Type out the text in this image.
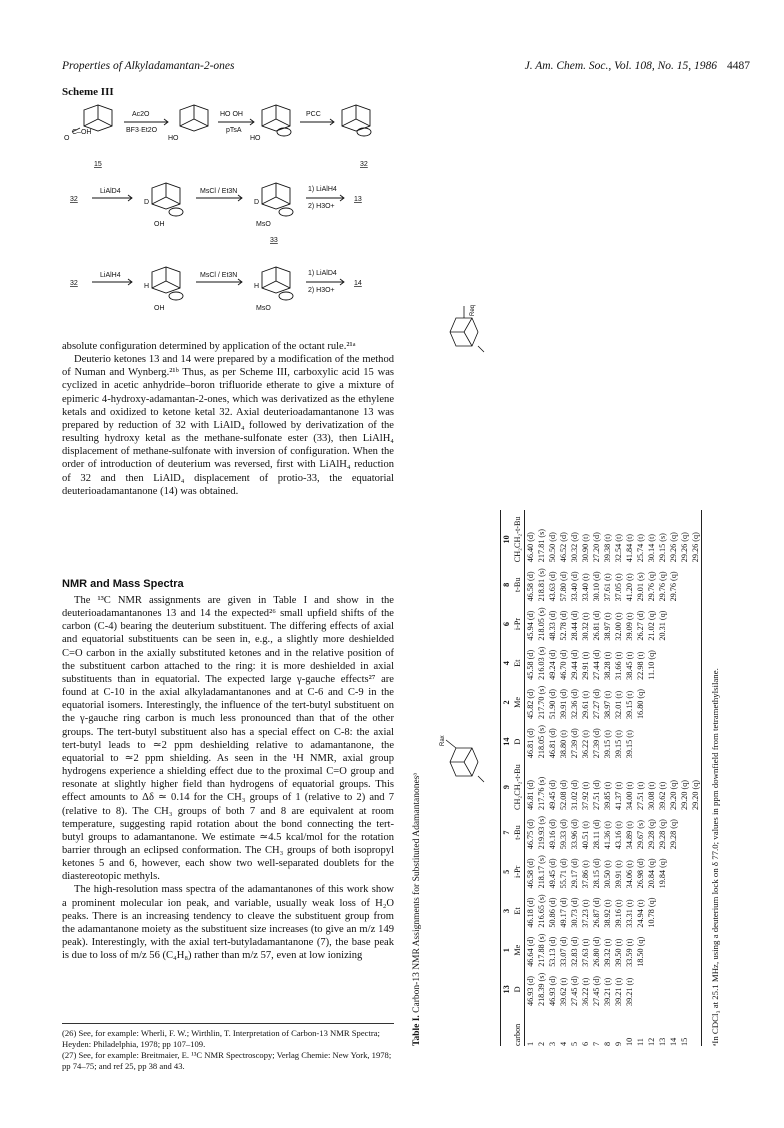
Properties of Alkyladamantan-2-ones	J. Am. Chem. Soc., Vol. 108, No. 15, 1986 4487
Scheme III
O
C–OH
Ac2O
BF3·Et2O
HO
HO OH
pTsA
HO
PCC
15	32
32
LiAlD4
D
OH
MsCl / Et3N
D
MsO
1) LiAlH4
2) H3O+
13
33
32
LiAlH4
H
OH
MsCl / Et3N
H
MsO
1) LiAlD4
2) H3O+
14

absolute configuration determined by application of the octant rule.²¹ᵃ

Deuterio ketones 13 and 14 were prepared by a modification of the method of Numan and Wynberg.²¹ᵇ Thus, as per Scheme III, carboxylic acid 15 was cyclized in acetic anhydride–boron trifluoride etherate to give a mixture of epimeric 4-hydroxy-adamantan-2-ones, which was derivatized as the ethylene ketals and oxidized to ketone ketal 32. Axial deuterioadamantanone 13 was prepared by reduction of 32 with LiAlD₄ followed by derivatization of the resulting hydroxy ketal as the methane-sulfonate ester (33), then LiAlH₄ displacement of methane-sulfonate with inversion of configuration. When the order of introduction of deuterium was reversed, first with LiAlH₄ reduction of 32 and then LiAlD₄ displacement of protio-33, the equatorial deuterioadamantanone (14) was obtained.

NMR and Mass Spectra

The ¹³C NMR assignments are given in Table I and show in the deuterioadamantanones 13 and 14 the expected²⁶ small upfield shifts of the carbon (C-4) bearing the deuterium substituent. The differing effects of axial and equatorial substituents can be seen in, e.g., a slightly more deshielded C=O carbon in the axially substituted ketones and in the relative position of the substituent carbon attached to the ring: it is more deshielded in axial substituents than in equatorial. The expected large γ-gauche effects²⁷ are found at C-10 in the axial alkyladamantanones and at C-6 and C-9 in the equatorial isomers. Interestingly, the influence of the tert-butyl substituent on the γ-gauche ring carbon is much less pronounced than that of the other groups. The tert-butyl substituent also has a special effect on C-8: the axial tert-butyl leads to ≃2 ppm deshielding relative to adamantanone, the equatorial to ≃2 ppm shielding. As seen in the ¹H NMR, axial group hydrogens experience a shielding effect due to the proximal C=O group and resonate at slightly higher field than hydrogens of equatorial groups. This effect amounts to Δδ ≃ 0.14 for the CH₃ groups of 1 (relative to 2) and 7 (relative to 8). The CH₃ groups of both 7 and 8 are equivalent at room temperature, suggesting rapid rotation about the bond connecting the tert-butyl groups to adamantanone. We estimate ≃4.5 kcal/mol for the rotation barrier through an eclipsed conformation. The CH₃ groups of both isopropyl ketones 5 and 6, however, each show two well-separated doublets for the diastereotopic methyls.

The high-resolution mass spectra of the adamantanones of this work show a prominent molecular ion peak, and variable, usually weak loss of H₂O peaks. There is an increasing tendency to cleave the substituent group from the adamantanone moiety as the substituent size increases (to give an m/z 149 peak). Interestingly, with the axial tert-butyladamantanone (7), the base peak is due to loss of m/z 56 (C₄H₈) rather than m/z 57, even at low ionizing

(26) See, for example: Wherli, F. W.; Wirthlin, T. Interpretation of Carbon-13 NMR Spectra; Heyden: Philadelphia, 1978; pp 107–109.

(27) See, for example: Breitmaier, E. ¹³C NMR Spectroscopy; Verlag Chemie: New York, 1978; pp 74–75; and ref 25, pp 38 and 43.

Table I. Carbon-13 NMR Assignments for Substituted Adamantanonesᵃ
Rax
Req
	13	1	3	5	7	9	14	2	4	6	8	10
carbon	D	Me	Et	i-Pr	t-Bu	CH₂CH₂-t-Bu	D	Me	Et	i-Pr	t-Bu	CH₂CH₂-t-Bu
1	46.93 (d)	46.64 (d)	46.18 (d)	46.58 (d)	46.75 (d)	46.81 (d)	46.81 (d)	45.82 (d)	45.58 (d)	45.94 (d)	46.58 (d)	46.40 (d)
2	218.39 (s)	217.88 (s)	216.65 (s)	218.17 (s)	219.93 (s)	217.76 (s)	218.05 (s)	217.70 (s)	216.03 (s)	218.05 (s)	218.81 (s)	217.81 (s)
3	46.93 (d)	53.13 (d)	50.86 (d)	49.45 (d)	49.16 (d)	49.45 (d)	46.81 (d)	51.90 (d)	49.24 (d)	48.33 (d)	43.63 (d)	50.50 (d)
4	39.62 (t)	33.07 (d)	49.17 (d)	55.71 (d)	59.33 (d)	52.08 (d)	38.80 (t)	39.91 (d)	46.70 (d)	52.78 (d)	57.80 (d)	46.52 (d)
5	27.45 (d)	32.83 (d)	30.73 (d)	29.17 (d)	33.96 (d)	31.02 (d)	27.39 (d)	32.36 (d)	29.44 (d)	28.44 (d)	33.40 (d)	30.32 (d)
6	36.22 (t)	37.63 (t)	37.23 (t)	37.86 (t)	40.51 (t)	37.92 (t)	36.22 (t)	29.61 (t)	29.91 (t)	30.32 (t)	33.40 (t)	30.90 (t)
7	27.45 (d)	26.80 (d)	26.87 (d)	28.15 (d)	28.11 (d)	27.51 (d)	27.39 (d)	27.27 (d)	27.44 (d)	26.81 (d)	30.10 (d)	27.20 (d)
8	39.21 (t)	39.32 (t)	38.92 (t)	30.50 (t)	41.36 (t)	39.85 (t)	39.15 (t)	38.97 (t)	38.28 (t)	38.97 (t)	37.61 (t)	39.38 (t)
9	39.21 (t)	39.50 (t)	39.16 (t)	39.91 (t)	43.16 (t)	41.37 (t)	39.15 (t)	32.01 (t)	31.66 (t)	32.00 (t)	37.05 (t)	32.54 (t)
10	39.21 (t)	33.59 (t)	33.31 (t)	34.06 (t)	34.89 (t)	34.00 (t)	39.15 (t)	39.15 (t)	38.45 (t)	39.09 (t)	41.20 (t)	41.84 (t)
11		18.50 (q)	24.94 (t)	26.98 (d)	29.67 (s)	27.51 (t)		16.80 (q)	22.98 (t)	26.27 (d)	29.01 (s)	25.74 (t)
12			10.78 (q)	20.84 (q)	29.28 (q)	30.08 (t)			11.10 (q)	21.02 (q)	29.76 (q)	30.14 (t)
13				19.84 (q)	29.28 (q)	39.62 (t)				20.31 (q)	29.76 (q)	29.15 (s)
14					29.28 (q)	29.20 (q)					29.76 (q)	29.26 (q)
15						29.20 (q)						29.26 (q)
						29.20 (q)						29.26 (q)
ᵃIn CDCl₃ at 25.1 MHz, using a deuterium lock on δ 77.0; values in ppm downfield from tetramethylsilane.
